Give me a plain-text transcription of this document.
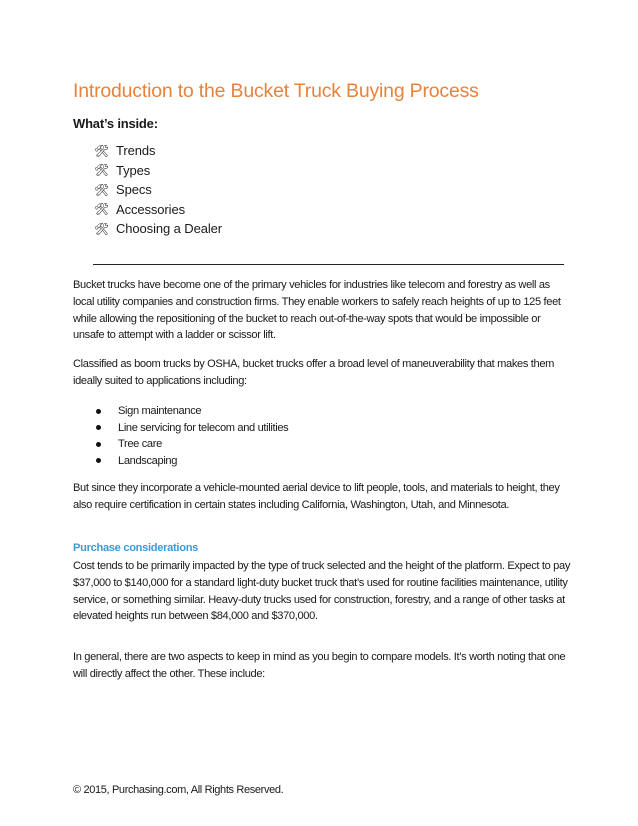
Introduction to the Bucket Truck Buying Process
What’s inside:
🛠 Trends
🛠 Types
🛠 Specs
🛠 Accessories
🛠 Choosing a Dealer

Bucket trucks have become one of the primary vehicles for industries like telecom and forestry as well as local utility companies and construction firms. They enable workers to safely reach heights of up to 125 feet while allowing the repositioning of the bucket to reach out-of-the-way spots that would be impossible or unsafe to attempt with a ladder or scissor lift.

Classified as boom trucks by OSHA, bucket trucks offer a broad level of maneuverability that makes them ideally suited to applications including:

Sign maintenance
Line servicing for telecom and utilities
Tree care
Landscaping

But since they incorporate a vehicle-mounted aerial device to lift people, tools, and materials to height, they also require certification in certain states including California, Washington, Utah, and Minnesota.

Purchase considerations

Cost tends to be primarily impacted by the type of truck selected and the height of the platform. Expect to pay $37,000 to $140,000 for a standard light-duty bucket truck that’s used for routine facilities maintenance, utility service, or something similar. Heavy-duty trucks used for construction, forestry, and a range of other tasks at elevated heights run between $84,000 and $370,000.

In general, there are two aspects to keep in mind as you begin to compare models. It’s worth noting that one will directly affect the other. These include:

© 2015, Purchasing.com, All Rights Reserved.
